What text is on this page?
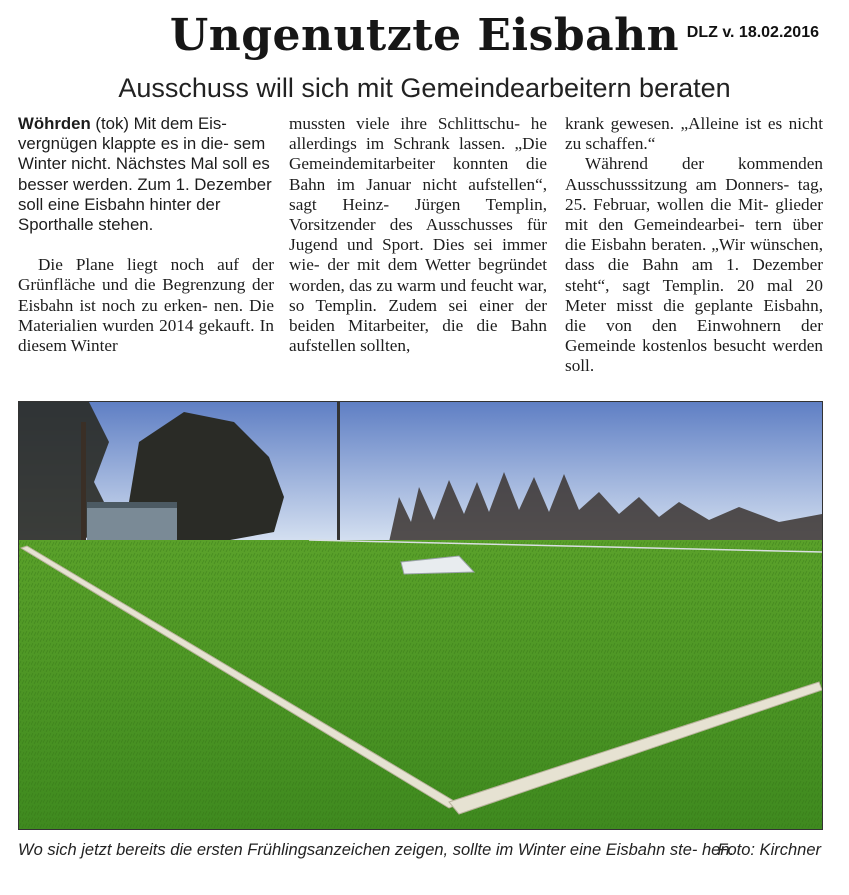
Ungenutzte Eisbahn DLZ v. 18.02.2016
Ausschuss will sich mit Gemeindearbeitern beraten

Wöhrden (tok) Mit dem Eis- vergnügen klappte es in die- sem Winter nicht. Nächstes Mal soll es besser werden. Zum 1. Dezember soll eine Eisbahn hinter der Sporthalle stehen.

Die Plane liegt noch auf der Grünfläche und die Begrenzung der Eisbahn ist noch zu erken- nen. Die Materialien wurden 2014 gekauft. In diesem Winter

mussten viele ihre Schlittschu- he allerdings im Schrank lassen. „Die Gemeindemitarbeiter konnten die Bahn im Januar nicht aufstellen“, sagt Heinz- Jürgen Templin, Vorsitzender des Ausschusses für Jugend und Sport. Dies sei immer wie- der mit dem Wetter begründet worden, das zu warm und feucht war, so Templin. Zudem sei einer der beiden Mitarbeiter, die die Bahn aufstellen sollten,

krank gewesen. „Alleine ist es nicht zu schaffen.“

Während der kommenden Ausschusssitzung am Donners- tag, 25. Februar, wollen die Mit- glieder mit den Gemeindearbei- tern über die Eisbahn beraten. „Wir wünschen, dass die Bahn am 1. Dezember steht“, sagt Templin. 20 mal 20 Meter misst die geplante Eisbahn, die von den Einwohnern der Gemeinde kostenlos besucht werden soll.

Wo sich jetzt bereits die ersten Frühlingsanzeichen zeigen, sollte im Winter eine Eisbahn ste- hen.
Foto: Kirchner
